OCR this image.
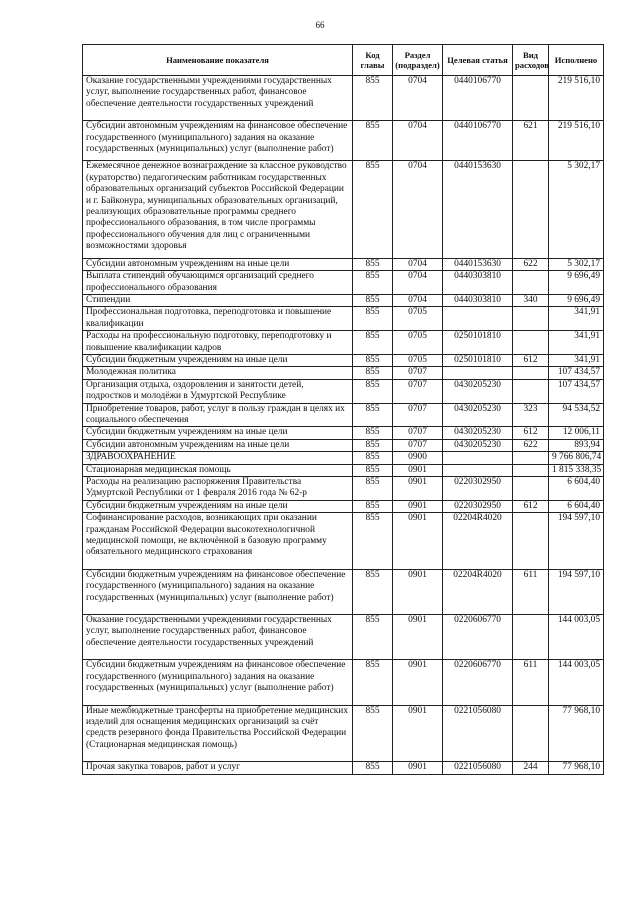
66
Наименование показателя	Код главы	Раздел (подраздел)	Целевая статья	Вид расходов	Исполнено

Оказание государственными учреждениями государственных услуг, выполнение государственных работ, финансовое обеспечение деятельности государственных учреждений	855	0704	0440106770		219 516,10

Субсидии автономным учреждениям на финансовое обеспечение государственного (муниципального) задания на оказание государственных (муниципальных) услуг (выполнение работ)	855	0704	0440106770	621	219 516,10

Ежемесячное денежное вознаграждение за классное руководство (кураторство) педагогическим работникам государственных образовательных организаций субъектов Российской Федерации и г. Байконура, муниципальных образовательных организаций, реализующих образовательные программы среднего профессионального образования, в том числе программы профессионального обучения для лиц с ограниченными возможностями здоровья	855	0704	0440153630		5 302,17

Субсидии автономным учреждениям на иные цели	855	0704	0440153630	622	5 302,17

Выплата стипендий обучающимся организаций среднего профессионального образования	855	0704	0440303810		9 696,49

Стипендии	855	0704	0440303810	340	9 696,49

Профессиональная подготовка, переподготовка и повышение квалификации	855	0705			341,91

Расходы на профессиональную подготовку, переподготовку и повышение квалификации кадров	855	0705	0250101810		341,91

Субсидии бюджетным учреждениям на иные цели	855	0705	0250101810	612	341,91

Молодежная политика	855	0707			107 434,57

Организация отдыха, оздоровления и занятости детей, подростков и молодёжи в Удмуртской Республике	855	0707	0430205230		107 434,57

Приобретение товаров, работ, услуг в пользу граждан в целях их социального обеспечения	855	0707	0430205230	323	94 534,52

Субсидии бюджетным учреждениям на иные цели	855	0707	0430205230	612	12 006,11

Субсидии автономным учреждениям на иные цели	855	0707	0430205230	622	893,94

ЗДРАВООХРАНЕНИЕ	855	0900			9 766 806,74

Стационарная медицинская помощь	855	0901			1 815 338,35

Расходы на реализацию распоряжения Правительства Удмуртской Республики от 1 февраля 2016 года № 62-р	855	0901	0220302950		6 604,40

Субсидии бюджетным учреждениям на иные цели	855	0901	0220302950	612	6 604,40

Софинансирование расходов, возникающих при оказании гражданам Российской Федерации высокотехнологичной медицинской помощи, не включённой в базовую программу обязательного медицинского страхования	855	0901	02204R4020		194 597,10

Субсидии бюджетным учреждениям на финансовое обеспечение государственного (муниципального) задания на оказание государственных (муниципальных) услуг (выполнение работ)	855	0901	02204R4020	611	194 597,10

Оказание государственными учреждениями государственных услуг, выполнение государственных работ, финансовое обеспечение деятельности государственных учреждений	855	0901	0220606770		144 003,05

Субсидии бюджетным учреждениям на финансовое обеспечение государственного (муниципального) задания на оказание государственных (муниципальных) услуг (выполнение работ)	855	0901	0220606770	611	144 003,05

Иные межбюджетные трансферты на приобретение медицинских изделий для оснащения медицинских организаций за счёт средств резервного фонда Правительства Российской Федерации (Стационарная медицинская помощь)	855	0901	0221056080		77 968,10

Прочая закупка товаров, работ и услуг	855	0901	0221056080	244	77 968,10
